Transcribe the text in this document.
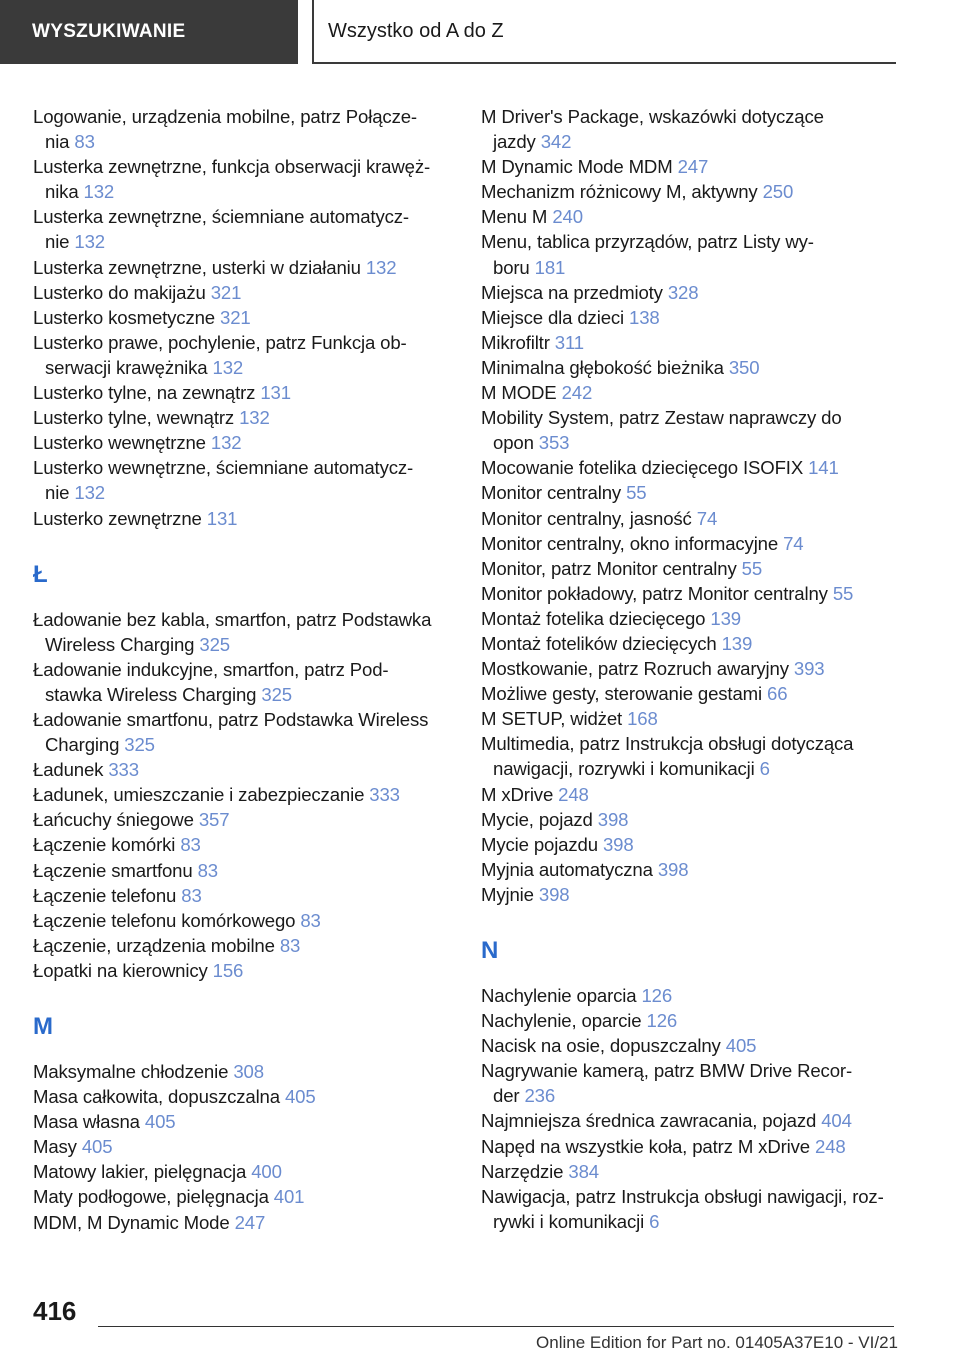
WYSZUKIWANIE	Wszystko od A do Z
Logowanie, urządzenia mobilne, patrz Połącze-
nia 83
Lusterka zewnętrzne, funkcja obserwacji krawęż-
nika 132
Lusterka zewnętrzne, ściemniane automatycz-
nie 132
Lusterka zewnętrzne, usterki w działaniu 132
Lusterko do makijażu 321
Lusterko kosmetyczne 321
Lusterko prawe, pochylenie, patrz Funkcja ob-
serwacji krawężnika 132
Lusterko tylne, na zewnątrz 131
Lusterko tylne, wewnątrz 132
Lusterko wewnętrzne 132
Lusterko wewnętrzne, ściemniane automatycz-
nie 132
Lusterko zewnętrzne 131
Ł
Ładowanie bez kabla, smartfon, patrz Podstawka
Wireless Charging 325
Ładowanie indukcyjne, smartfon, patrz Pod-
stawka Wireless Charging 325
Ładowanie smartfonu, patrz Podstawka Wireless
Charging 325
Ładunek 333
Ładunek, umieszczanie i zabezpieczanie 333
Łańcuchy śniegowe 357
Łączenie komórki 83
Łączenie smartfonu 83
Łączenie telefonu 83
Łączenie telefonu komórkowego 83
Łączenie, urządzenia mobilne 83
Łopatki na kierownicy 156
M
Maksymalne chłodzenie 308
Masa całkowita, dopuszczalna 405
Masa własna 405
Masy 405
Matowy lakier, pielęgnacja 400
Maty podłogowe, pielęgnacja 401
MDM, M Dynamic Mode 247
M Driver's Package, wskazówki dotyczące
jazdy 342
M Dynamic Mode MDM 247
Mechanizm różnicowy M, aktywny 250
Menu M 240
Menu, tablica przyrządów, patrz Listy wy-
boru 181
Miejsca na przedmioty 328
Miejsce dla dzieci 138
Mikrofiltr 311
Minimalna głębokość bieżnika 350
M MODE 242
Mobility System, patrz Zestaw naprawczy do
opon 353
Mocowanie fotelika dziecięcego ISOFIX 141
Monitor centralny 55
Monitor centralny, jasność 74
Monitor centralny, okno informacyjne 74
Monitor, patrz Monitor centralny 55
Monitor pokładowy, patrz Monitor centralny 55
Montaż fotelika dziecięcego 139
Montaż fotelików dziecięcych 139
Mostkowanie, patrz Rozruch awaryjny 393
Możliwe gesty, sterowanie gestami 66
M SETUP, widżet 168
Multimedia, patrz Instrukcja obsługi dotycząca
nawigacji, rozrywki i komunikacji 6
M xDrive 248
Mycie, pojazd 398
Mycie pojazdu 398
Myjnia automatyczna 398
Myjnie 398
N
Nachylenie oparcia 126
Nachylenie, oparcie 126
Nacisk na osie, dopuszczalny 405
Nagrywanie kamerą, patrz BMW Drive Recor-
der 236
Najmniejsza średnica zawracania, pojazd 404
Napęd na wszystkie koła, patrz M xDrive 248
Narzędzie 384
Nawigacja, patrz Instrukcja obsługi nawigacji, roz-
rywki i komunikacji 6
416
Online Edition for Part no. 01405A37E10 - VI/21
